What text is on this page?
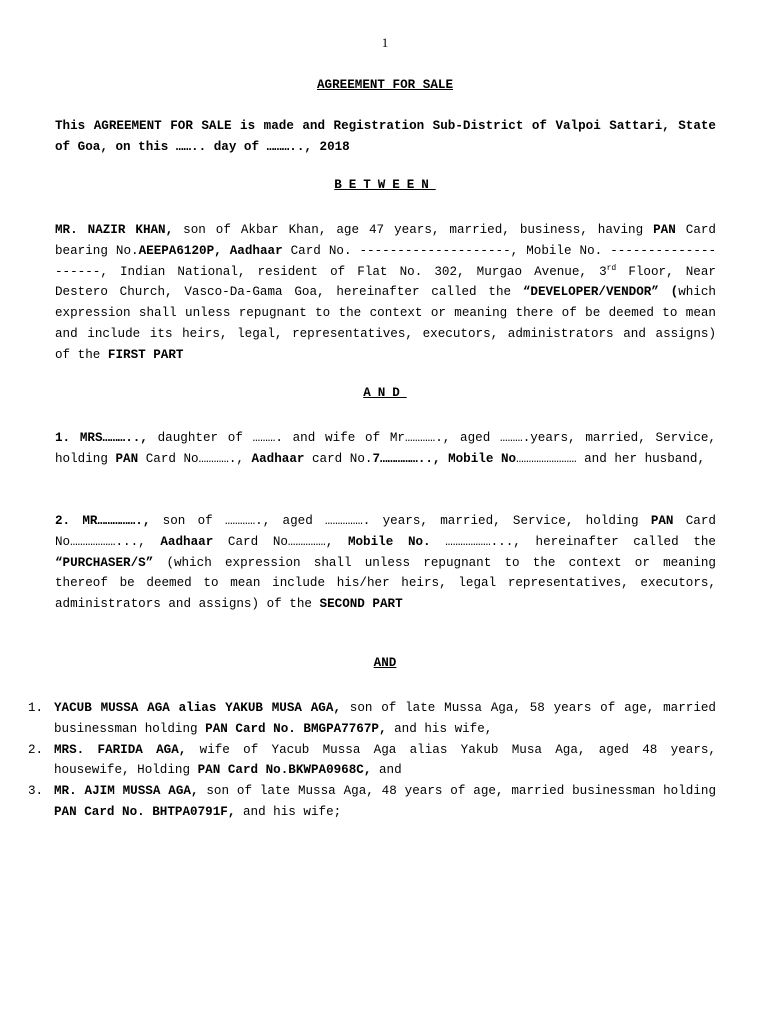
1
AGREEMENT FOR SALE

This AGREEMENT FOR SALE is made and Registration Sub-District of Valpoi Sattari, State of Goa, on this …….. day of ……….., 2018

BETWEEN

MR. NAZIR KHAN, son of Akbar Khan, age 47 years, married, business, having PAN Card bearing No.AEEPA6120P, Aadhaar Card No. --------------------, Mobile No. --------------------, Indian National, resident of Flat No. 302, Murgao Avenue, 3rd Floor, Near Destero Church, Vasco-Da-Gama Goa, hereinafter called the “DEVELOPER/VENDOR” (which expression shall unless repugnant to the context or meaning there of be deemed to mean and include its heirs, legal, representatives, executors, administrators and assigns) of the FIRST PART

AND

1. MRS……….., daughter of ………. and wife of Mr…………., aged ……….years, married, Service, holding PAN Card No…………., Aadhaar card No.7…………….., Mobile No…………………… and her husband,

2. MR……………., son of …………., aged ……………. years, married, Service, holding PAN Card No………………..., Aadhaar Card No……………, Mobile No. ………………..., hereinafter called the “PURCHASER/S” (which expression shall unless repugnant to the context or meaning thereof be deemed to mean include his/her heirs, legal representatives, executors, administrators and assigns) of the SECOND PART

AND
1. YACUB MUSSA AGA alias YAKUB MUSA AGA, son of late Mussa Aga, 58 years of age, married businessman holding PAN Card No. BMGPA7767P, and his wife,
2. MRS. FARIDA AGA, wife of Yacub Mussa Aga alias Yakub Musa Aga, aged 48 years, housewife, Holding PAN Card No.BKWPA0968C, and
3. MR. AJIM MUSSA AGA, son of late Mussa Aga, 48 years of age, married businessman holding PAN Card No. BHTPA0791F, and his wife;
